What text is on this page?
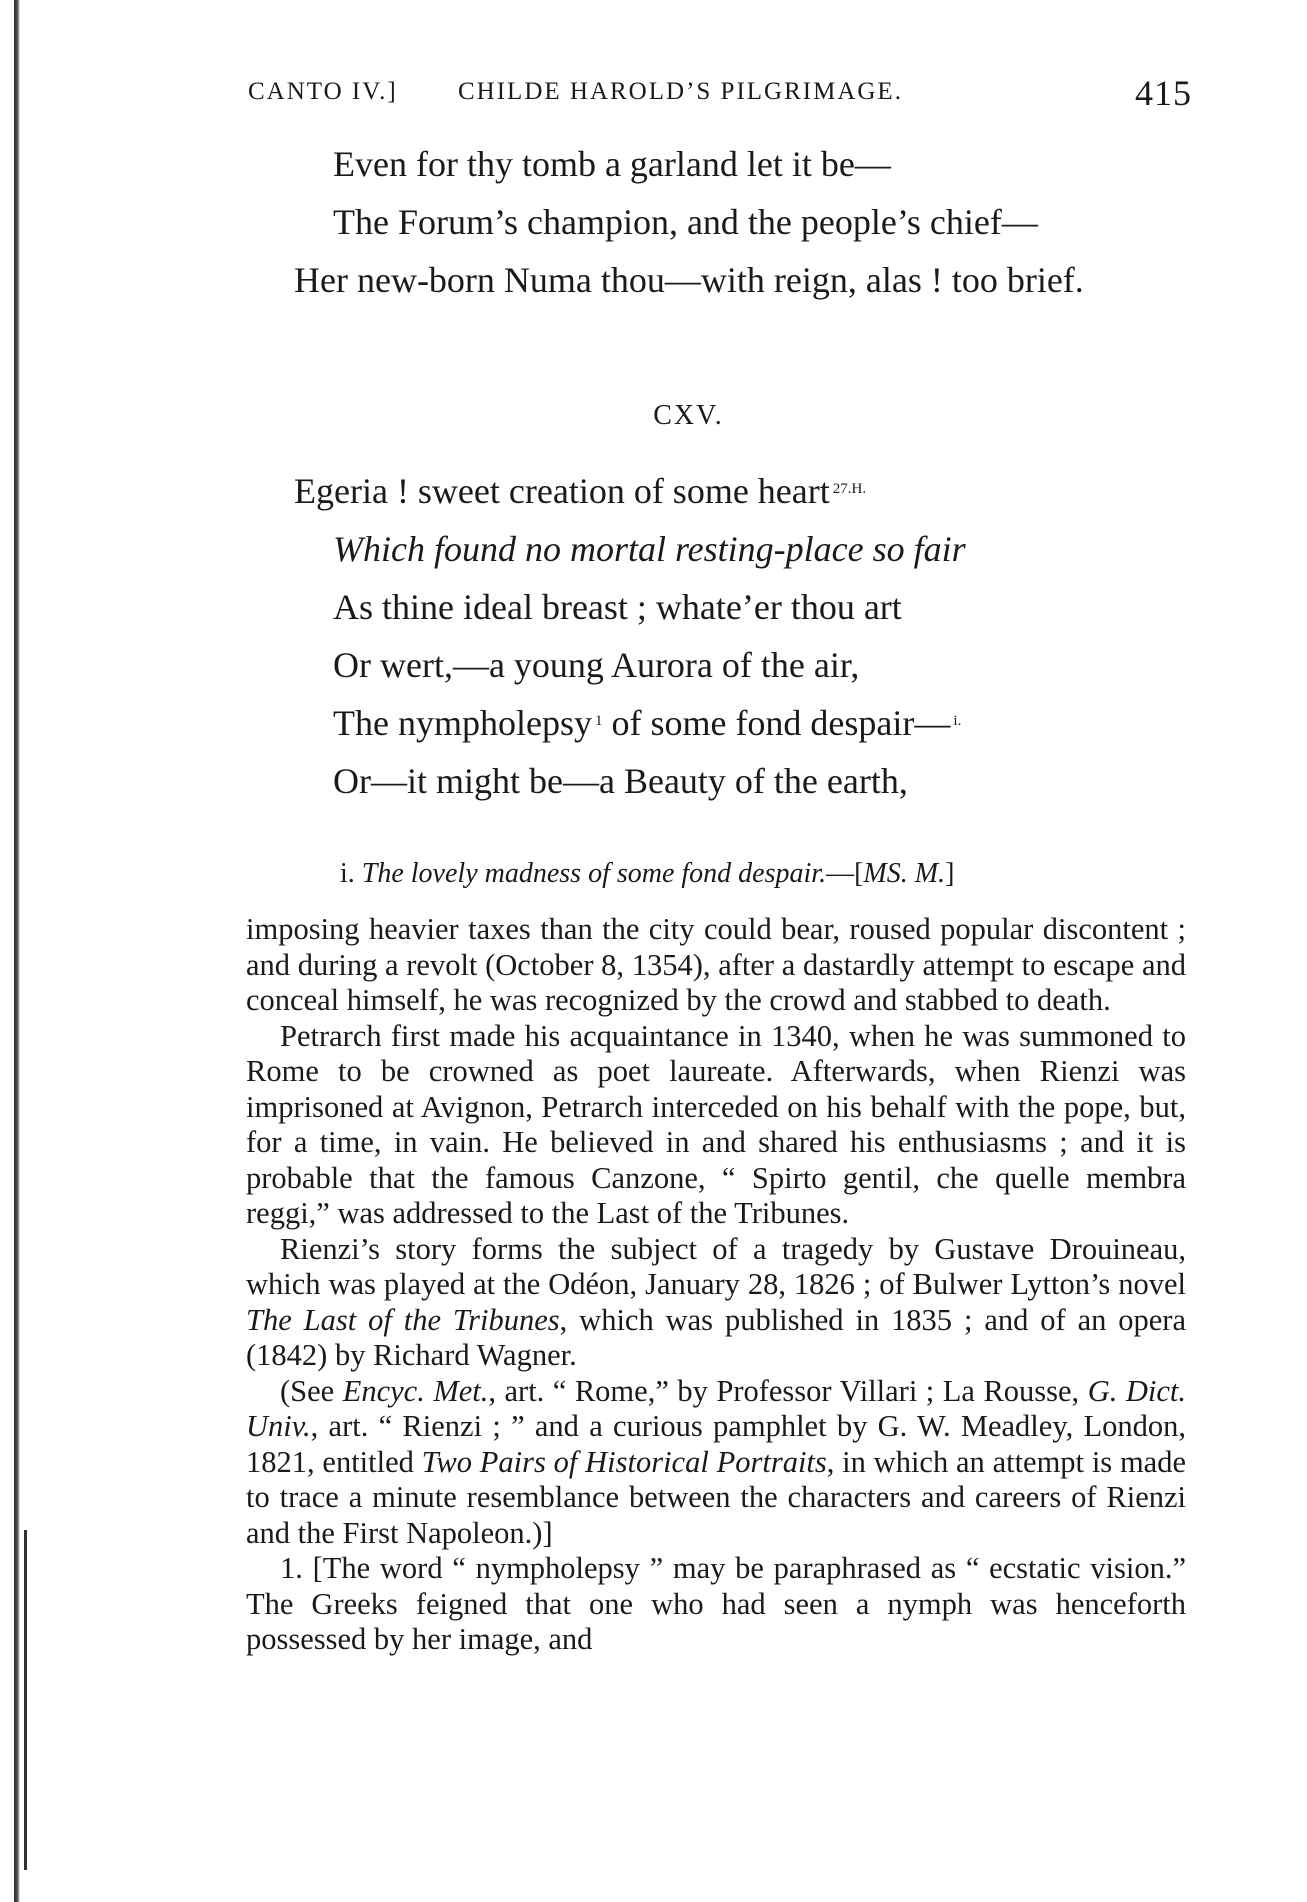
CANTO IV.] CHILDE HAROLD’S PILGRIMAGE.	415
Even for thy tomb a garland let it be—
The Forum’s champion, and the people’s chief—
Her new-born Numa thou—with reign, alas ! too brief.
CXV.
Egeria ! sweet creation of some heart $^{27.H.}$
Which found no mortal resting-place so fair
As thine ideal breast ; whate’er thou art
Or wert,—a young Aurora of the air,
The nympholepsy $^1$ of some fond despair— $^{i.}$
Or—it might be—a Beauty of the earth,
i. The lovely madness of some fond despair.—[MS. M.]

imposing heavier taxes than the city could bear, roused popular discontent ; and during a revolt (October 8, 1354), after a dastardly attempt to escape and conceal himself, he was recognized by the crowd and stabbed to death.

Petrarch first made his acquaintance in 1340, when he was summoned to Rome to be crowned as poet laureate. Afterwards, when Rienzi was imprisoned at Avignon, Petrarch interceded on his behalf with the pope, but, for a time, in vain. He believed in and shared his enthusiasms ; and it is probable that the famous Canzone, “ Spirto gentil, che quelle membra reggi,” was addressed to the Last of the Tribunes.

Rienzi’s story forms the subject of a tragedy by Gustave Drouineau, which was played at the Odéon, January 28, 1826 ; of Bulwer Lytton’s novel The Last of the Tribunes, which was published in 1835 ; and of an opera (1842) by Richard Wagner.

(See Encyc. Met., art. “ Rome,” by Professor Villari ; La Rousse, G. Dict. Univ., art. “ Rienzi ; ” and a curious pamphlet by G. W. Meadley, London, 1821, entitled Two Pairs of Historical Portraits, in which an attempt is made to trace a minute resemblance between the characters and careers of Rienzi and the First Napoleon.)]

1. [The word “ nympholepsy ” may be paraphrased as “ ecstatic vision.” The Greeks feigned that one who had seen a nymph was henceforth possessed by her image, and
